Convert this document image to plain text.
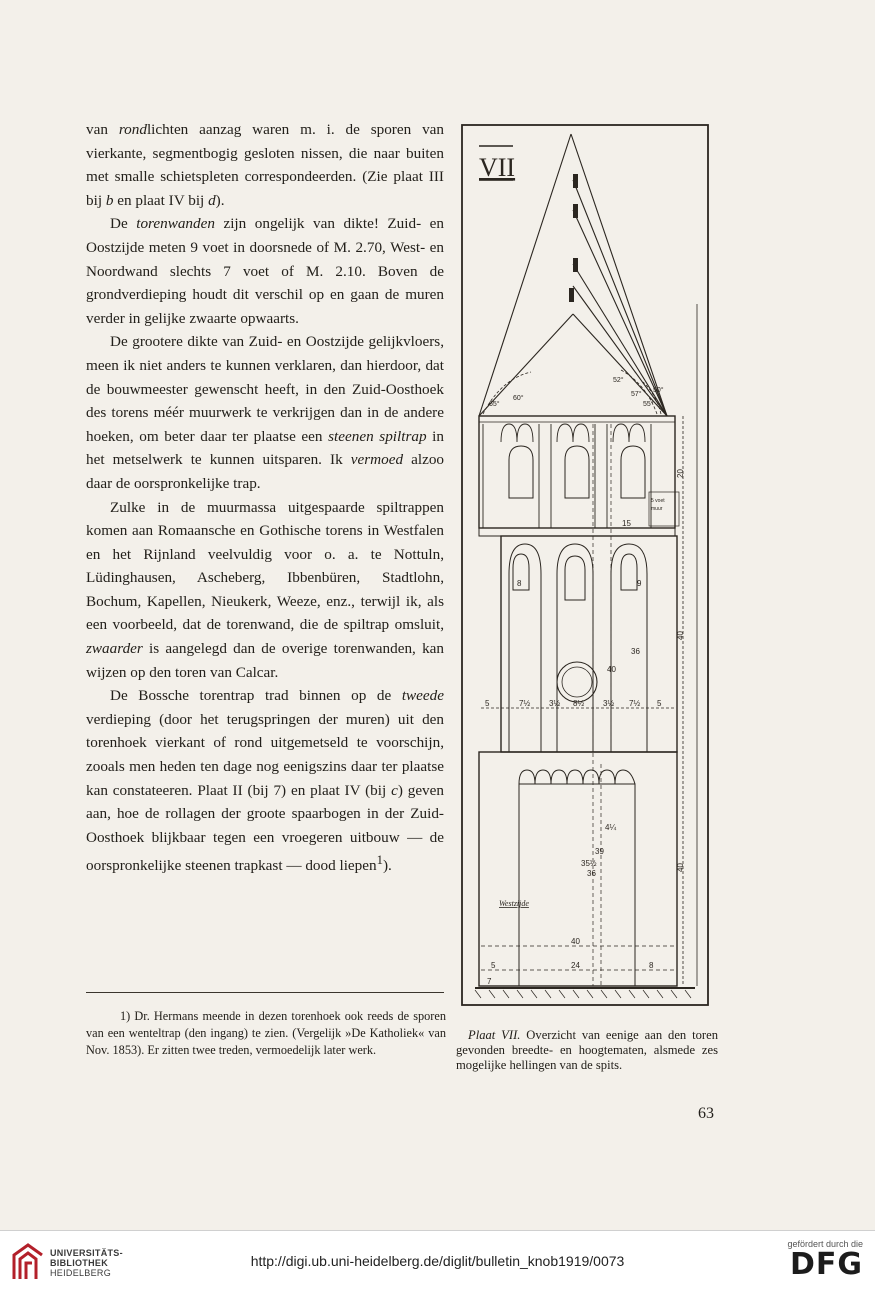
van rondlichten aanzag waren m. i. de sporen van vierkante, segmentbogig gesloten nissen, die naar buiten met smalle schietspleten correspondeerden. (Zie plaat III bij b en plaat IV bij d).

De torenwanden zijn ongelijk van dikte! Zuid- en Oostzijde meten 9 voet in doorsnede of M. 2.70, West- en Noordwand slechts 7 voet of M. 2.10. Boven de grondverdieping houdt dit verschil op en gaan de muren verder in gelijke zwaarte opwaarts.

De grootere dikte van Zuid- en Oostzijde gelijkvloers, meen ik niet anders te kunnen verklaren, dan hierdoor, dat de bouwmeester gewenscht heeft, in den Zuid-Oosthoek des torens méér muurwerk te verkrijgen dan in de andere hoeken, om beter daar ter plaatse een steenen spiltrap in het metselwerk te kunnen uitsparen. Ik vermoed alzoo daar de oorspronkelijke trap.

Zulke in de muurmassa uitgespaarde spiltrappen komen aan Romaansche en Gothische torens in Westfalen en het Rijnland veelvuldig voor o. a. te Nottuln, Lüdinghausen, Ascheberg, Ibbenbüren, Stadtlohn, Bochum, Kapellen, Nieukerk, Weeze, enz., terwijl ik, als een voorbeeld, dat de torenwand, die de spiltrap omsluit, zwaarder is aangelegd dan de overige torenwanden, kan wijzen op den toren van Calcar.

De Bossche torentrap trad binnen op de tweede verdieping (door het terugspringen der muren) uit den torenhoek vierkant of rond uitgemetseld te voorschijn, zooals men heden ten dage nog eenigszins daar ter plaatse kan constateeren. Plaat II (bij 7) en plaat IV (bij c) geven aan, hoe de rollagen der groote spaarbogen in der Zuid-Oosthoek blijkbaar tegen een vroegeren uitbouw — de oorspronkelijke steenen trapkast — dood liepen$^1$).

1) Dr. Hermans meende in dezen torenhoek ook reeds de sporen van een wenteltrap (den ingang) te zien. (Vergelijk »De Katholiek« van Nov. 1853). Er zitten twee treden, vermoedelijk later werk.

VII
65°
60°
57°
55°
52°
50°
5 voet
muur
8	9
15
36
40
5	7½ 3½ 8½ 3½ 7½ 5
Westzijde
40
24	8
7
5
4¼
35½
39
36
20
40
40

Plaat VII. Overzicht van eenige aan den toren gevonden breedte- en hoogtematen, alsmede zes mogelijke hellingen van de spits.

63
UNIVERSITÄTS-
BIBLIOTHEK
HEIDELBERG
http://digi.ub.uni-heidelberg.de/diglit/bulletin_knob1919/0073
gefördert durch die
DFG
